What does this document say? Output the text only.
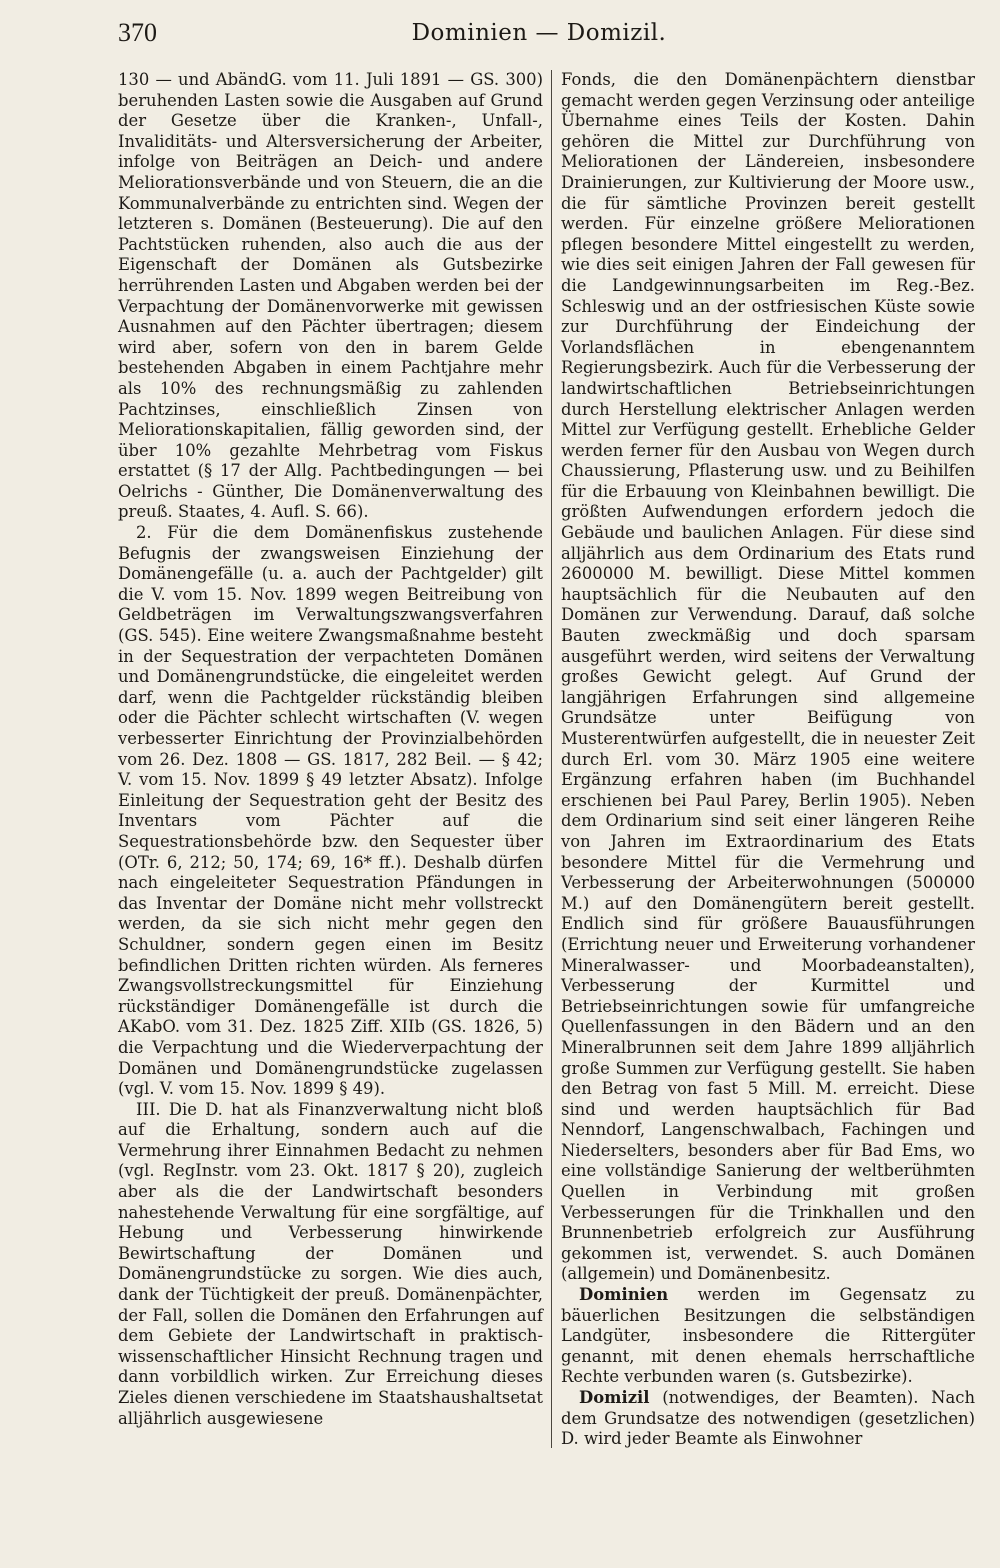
370	Dominien — Domizil.

130 — und AbändG. vom 11. Juli 1891 — GS. 300) beruhenden Lasten sowie die Ausgaben auf Grund der Gesetze über die Kranken-, Unfall-, Invaliditäts- und Altersversicherung der Arbeiter, infolge von Beiträgen an Deich- und andere Meliorationsverbände und von Steuern, die an die Kommunalverbände zu entrichten sind. Wegen der letzteren s. Domänen (Besteuerung). Die auf den Pachtstücken ruhenden, also auch die aus der Eigenschaft der Domänen als Gutsbezirke herrührenden Lasten und Abgaben werden bei der Verpachtung der Domänenvorwerke mit gewissen Ausnahmen auf den Pächter übertragen; diesem wird aber, sofern von den in barem Gelde bestehenden Abgaben in einem Pachtjahre mehr als 10% des rechnungsmäßig zu zahlenden Pachtzinses, einschließlich Zinsen von Meliorationskapitalien, fällig geworden sind, der über 10% gezahlte Mehrbetrag vom Fiskus erstattet (§ 17 der Allg. Pachtbedingungen — bei Oelrichs - Günther, Die Domänenverwaltung des preuß. Staates, 4. Aufl. S. 66).

2. Für die dem Domänenfiskus zustehende Befugnis der zwangsweisen Einziehung der Domänengefälle (u. a. auch der Pachtgelder) gilt die V. vom 15. Nov. 1899 wegen Beitreibung von Geldbeträgen im Verwaltungszwangsverfahren (GS. 545). Eine weitere Zwangsmaßnahme besteht in der Sequestration der verpachteten Domänen und Domänengrundstücke, die eingeleitet werden darf, wenn die Pachtgelder rückständig bleiben oder die Pächter schlecht wirtschaften (V. wegen verbesserter Einrichtung der Provinzialbehörden vom 26. Dez. 1808 — GS. 1817, 282 Beil. — § 42; V. vom 15. Nov. 1899 § 49 letzter Absatz). Infolge Einleitung der Sequestration geht der Besitz des Inventars vom Pächter auf die Sequestrationsbehörde bzw. den Sequester über (OTr. 6, 212; 50, 174; 69, 16* ff.). Deshalb dürfen nach eingeleiteter Sequestration Pfändungen in das Inventar der Domäne nicht mehr vollstreckt werden, da sie sich nicht mehr gegen den Schuldner, sondern gegen einen im Besitz befindlichen Dritten richten würden. Als ferneres Zwangsvollstreckungsmittel für Einziehung rückständiger Domänengefälle ist durch die AKabO. vom 31. Dez. 1825 Ziff. XIIb (GS. 1826, 5) die Verpachtung und die Wiederverpachtung der Domänen und Domänengrundstücke zugelassen (vgl. V. vom 15. Nov. 1899 § 49).

III. Die D. hat als Finanzverwaltung nicht bloß auf die Erhaltung, sondern auch auf die Vermehrung ihrer Einnahmen Bedacht zu nehmen (vgl. RegInstr. vom 23. Okt. 1817 § 20), zugleich aber als die der Landwirtschaft besonders nahestehende Verwaltung für eine sorgfältige, auf Hebung und Verbesserung hinwirkende Bewirtschaftung der Domänen und Domänengrundstücke zu sorgen. Wie dies auch, dank der Tüchtigkeit der preuß. Domänenpächter, der Fall, sollen die Domänen den Erfahrungen auf dem Gebiete der Landwirtschaft in praktisch-wissenschaftlicher Hinsicht Rechnung tragen und dann vorbildlich wirken. Zur Erreichung dieses Zieles dienen verschiedene im Staatshaushaltsetat alljährlich ausgewiesene

Fonds, die den Domänenpächtern dienstbar gemacht werden gegen Verzinsung oder anteilige Übernahme eines Teils der Kosten. Dahin gehören die Mittel zur Durchführung von Meliorationen der Ländereien, insbesondere Drainierungen, zur Kultivierung der Moore usw., die für sämtliche Provinzen bereit gestellt werden. Für einzelne größere Meliorationen pflegen besondere Mittel eingestellt zu werden, wie dies seit einigen Jahren der Fall gewesen für die Landgewinnungsarbeiten im Reg.-Bez. Schleswig und an der ostfriesischen Küste sowie zur Durchführung der Eindeichung der Vorlandsflächen in ebengenanntem Regierungsbezirk. Auch für die Verbesserung der landwirtschaftlichen Betriebseinrichtungen durch Herstellung elektrischer Anlagen werden Mittel zur Verfügung gestellt. Erhebliche Gelder werden ferner für den Ausbau von Wegen durch Chaussierung, Pflasterung usw. und zu Beihilfen für die Erbauung von Kleinbahnen bewilligt. Die größten Aufwendungen erfordern jedoch die Gebäude und baulichen Anlagen. Für diese sind alljährlich aus dem Ordinarium des Etats rund 2600000 M. bewilligt. Diese Mittel kommen hauptsächlich für die Neubauten auf den Domänen zur Verwendung. Darauf, daß solche Bauten zweckmäßig und doch sparsam ausgeführt werden, wird seitens der Verwaltung großes Gewicht gelegt. Auf Grund der langjährigen Erfahrungen sind allgemeine Grundsätze unter Beifügung von Musterentwürfen aufgestellt, die in neuester Zeit durch Erl. vom 30. März 1905 eine weitere Ergänzung erfahren haben (im Buchhandel erschienen bei Paul Parey, Berlin 1905). Neben dem Ordinarium sind seit einer längeren Reihe von Jahren im Extraordinarium des Etats besondere Mittel für die Vermehrung und Verbesserung der Arbeiterwohnungen (500000 M.) auf den Domänengütern bereit gestellt. Endlich sind für größere Bauausführungen (Errichtung neuer und Erweiterung vorhandener Mineralwasser- und Moorbadeanstalten), Verbesserung der Kurmittel und Betriebseinrichtungen sowie für umfangreiche Quellenfassungen in den Bädern und an den Mineralbrunnen seit dem Jahre 1899 alljährlich große Summen zur Verfügung gestellt. Sie haben den Betrag von fast 5 Mill. M. erreicht. Diese sind und werden hauptsächlich für Bad Nenndorf, Langenschwalbach, Fachingen und Niederselters, besonders aber für Bad Ems, wo eine vollständige Sanierung der weltberühmten Quellen in Verbindung mit großen Verbesserungen für die Trinkhallen und den Brunnenbetrieb erfolgreich zur Ausführung gekommen ist, verwendet. S. auch Domänen (allgemein) und Domänenbesitz.

Dominien werden im Gegensatz zu bäuerlichen Besitzungen die selbständigen Landgüter, insbesondere die Rittergüter genannt, mit denen ehemals herrschaftliche Rechte verbunden waren (s. Gutsbezirke).

Domizil (notwendiges, der Beamten). Nach dem Grundsatze des notwendigen (gesetzlichen) D. wird jeder Beamte als Einwohner
